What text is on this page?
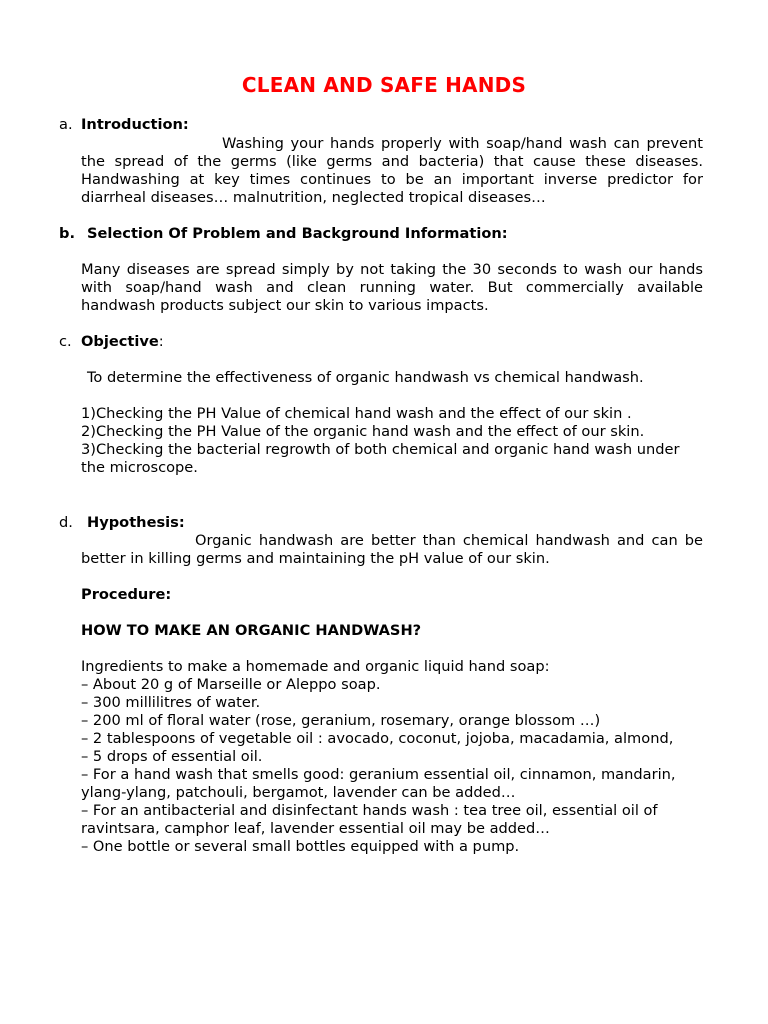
CLEAN AND SAFE HANDS
a. Introduction:
Washing your hands properly with soap/hand wash can prevent
the spread of the germs (like germs and bacteria) that cause these diseases.
Handwashing at key times continues to be an important inverse predictor for
diarrheal diseases… malnutrition, neglected tropical diseases…
b. Selection Of Problem and Background Information:
Many diseases are spread simply by not taking the 30 seconds to wash our hands
with soap/hand wash and clean running water. But commercially available
handwash products subject our skin to various impacts.
c. Objective:
To determine the effectiveness of organic handwash vs chemical handwash.
1)Checking the PH Value of chemical hand wash and the effect of our skin .
2)Checking the PH Value of the organic hand wash and the effect of our skin.
3)Checking the bacterial regrowth of both chemical and organic hand wash under
the microscope.
d. Hypothesis:
Organic handwash are better than chemical handwash and can be
better in killing germs and maintaining the pH value of our skin.
Procedure:
HOW TO MAKE AN ORGANIC HANDWASH?
Ingredients to make a homemade and organic liquid hand soap:
– About 20 g of Marseille or Aleppo soap.
– 300 millilitres of water.
– 200 ml of floral water (rose, geranium, rosemary, orange blossom …)
– 2 tablespoons of vegetable oil : avocado, coconut, jojoba, macadamia, almond,
– 5 drops of essential oil.
– For a hand wash that smells good: geranium essential oil, cinnamon, mandarin,
ylang-ylang, patchouli, bergamot, lavender can be added…
– For an antibacterial and disinfectant hands wash : tea tree oil, essential oil of
ravintsara, camphor leaf, lavender essential oil may be added…
– One bottle or several small bottles equipped with a pump.
